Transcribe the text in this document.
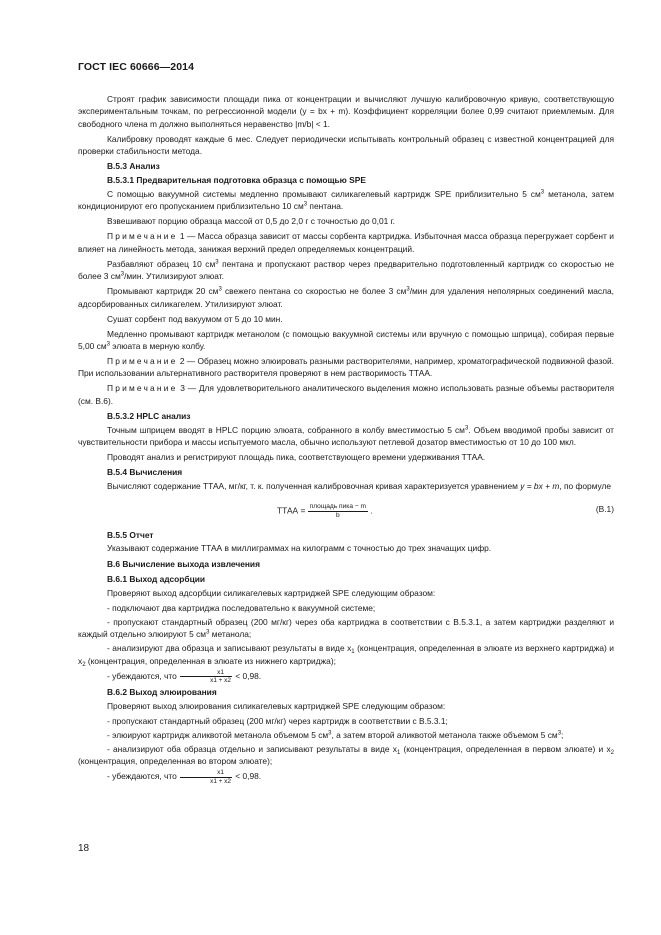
ГОСТ IEC 60666—2014

Строят график зависимости площади пика от концентрации и вычисляют лучшую калибровочную кривую, соответствующую экспериментальным точкам, по регрессионной модели (y = bx + m). Коэффициент корреляции более 0,99 считают приемлемым. Для свободного члена m должно выполняться неравенство |m/b| < 1.

Калибровку проводят каждые 6 мес. Следует периодически испытывать контрольный образец с известной концентрацией для проверки стабильности метода.

B.5.3 Анализ
B.5.3.1 Предварительная подготовка образца с помощью SPE

С помощью вакуумной системы медленно промывают силикагелевый картридж SPE приблизительно 5 $см^3$ метанола, затем кондиционируют его пропусканием приблизительно 10 $см^3$ пентана.

Взвешивают порцию образца массой от 0,5 до 2,0 г с точностью до 0,01 г.

Примечание 1 — Масса образца зависит от массы сорбента картриджа. Избыточная масса образца перегружает сорбент и влияет на линейность метода, занижая верхний предел определяемых концентраций.

Разбавляют образец 10 $см^3$ пентана и пропускают раствор через предварительно подготовленный картридж со скоростью не более 3 $см^3$/мин. Утилизируют элюат.

Промывают картридж 20 $см^3$ свежего пентана со скоростью не более 3 $см^3$/мин для удаления неполярных соединений масла, адсорбированных силикагелем. Утилизируют элюат.

Сушат сорбент под вакуумом от 5 до 10 мин.

Медленно промывают картридж метанолом (с помощью вакуумной системы или вручную с помощью шприца), собирая первые 5,00 $см^3$ элюата в мерную колбу.

Примечание 2 — Образец можно элюировать разными растворителями, например, хроматографической подвижной фазой. При использовании альтернативного растворителя проверяют в нем растворимость ТТАА.

Примечание 3 — Для удовлетворительного аналитического выделения можно использовать разные объемы растворителя (см. B.6).

B.5.3.2 HPLC анализ

Точным шприцем вводят в HPLC порцию элюата, собранного в колбу вместимостью 5 $см^3$. Объем вводимой пробы зависит от чувствительности прибора и массы испытуемого масла, обычно используют петлевой дозатор вместимостью от 10 до 100 мкл.

Проводят анализ и регистрируют площадь пика, соответствующего времени удерживания ТТАА.

B.5.4 Вычисления

Вычисляют содержание ТТАА, мг/кг, т. к. полученная калибровочная кривая характеризуется уравнением y = bx + m, по формуле

ТТАА = $\frac{\text{площадь пика − m}}{b}$ .	(B.1)
B.5.5 Отчет

Указывают содержание ТТАА в миллиграммах на килограмм с точностью до трех значащих цифр.

B.6 Вычисление выхода извлечения
B.6.1 Выход адсорбции

Проверяют выход адсорбции силикагелевых картриджей SPE следующим образом:

- подключают два картриджа последовательно к вакуумной системе;

- пропускают стандартный образец (200 мг/кг) через оба картриджа в соответствии с B.5.3.1, а затем картриджи разделяют и каждый отдельно элюируют 5 $см^3$ метанола;

- анализируют два образца и записывают результаты в виде $x_1$ (концентрация, определенная в элюате из верхнего картриджа) и $x_2$ (концентрация, определенная в элюате из нижнего картриджа);

- убеждаются, что $\frac{x1}{x1 + x2} < 0,98$.

B.6.2 Выход элюирования

Проверяют выход элюирования силикагелевых картриджей SPE следующим образом:

- пропускают стандартный образец (200 мг/кг) через картридж в соответствии с B.5.3.1;

- элюируют картридж аликвотой метанола объемом 5 $см^3$, а затем второй аликвотой метанола также объемом 5 $см^3$;

- анализируют оба образца отдельно и записывают результаты в виде $x_1$ (концентрация, определенная в первом элюате) и $x_2$ (концентрация, определенная во втором элюате);

- убеждаются, что $\frac{x1}{x1 + x2} < 0,98$.

18
